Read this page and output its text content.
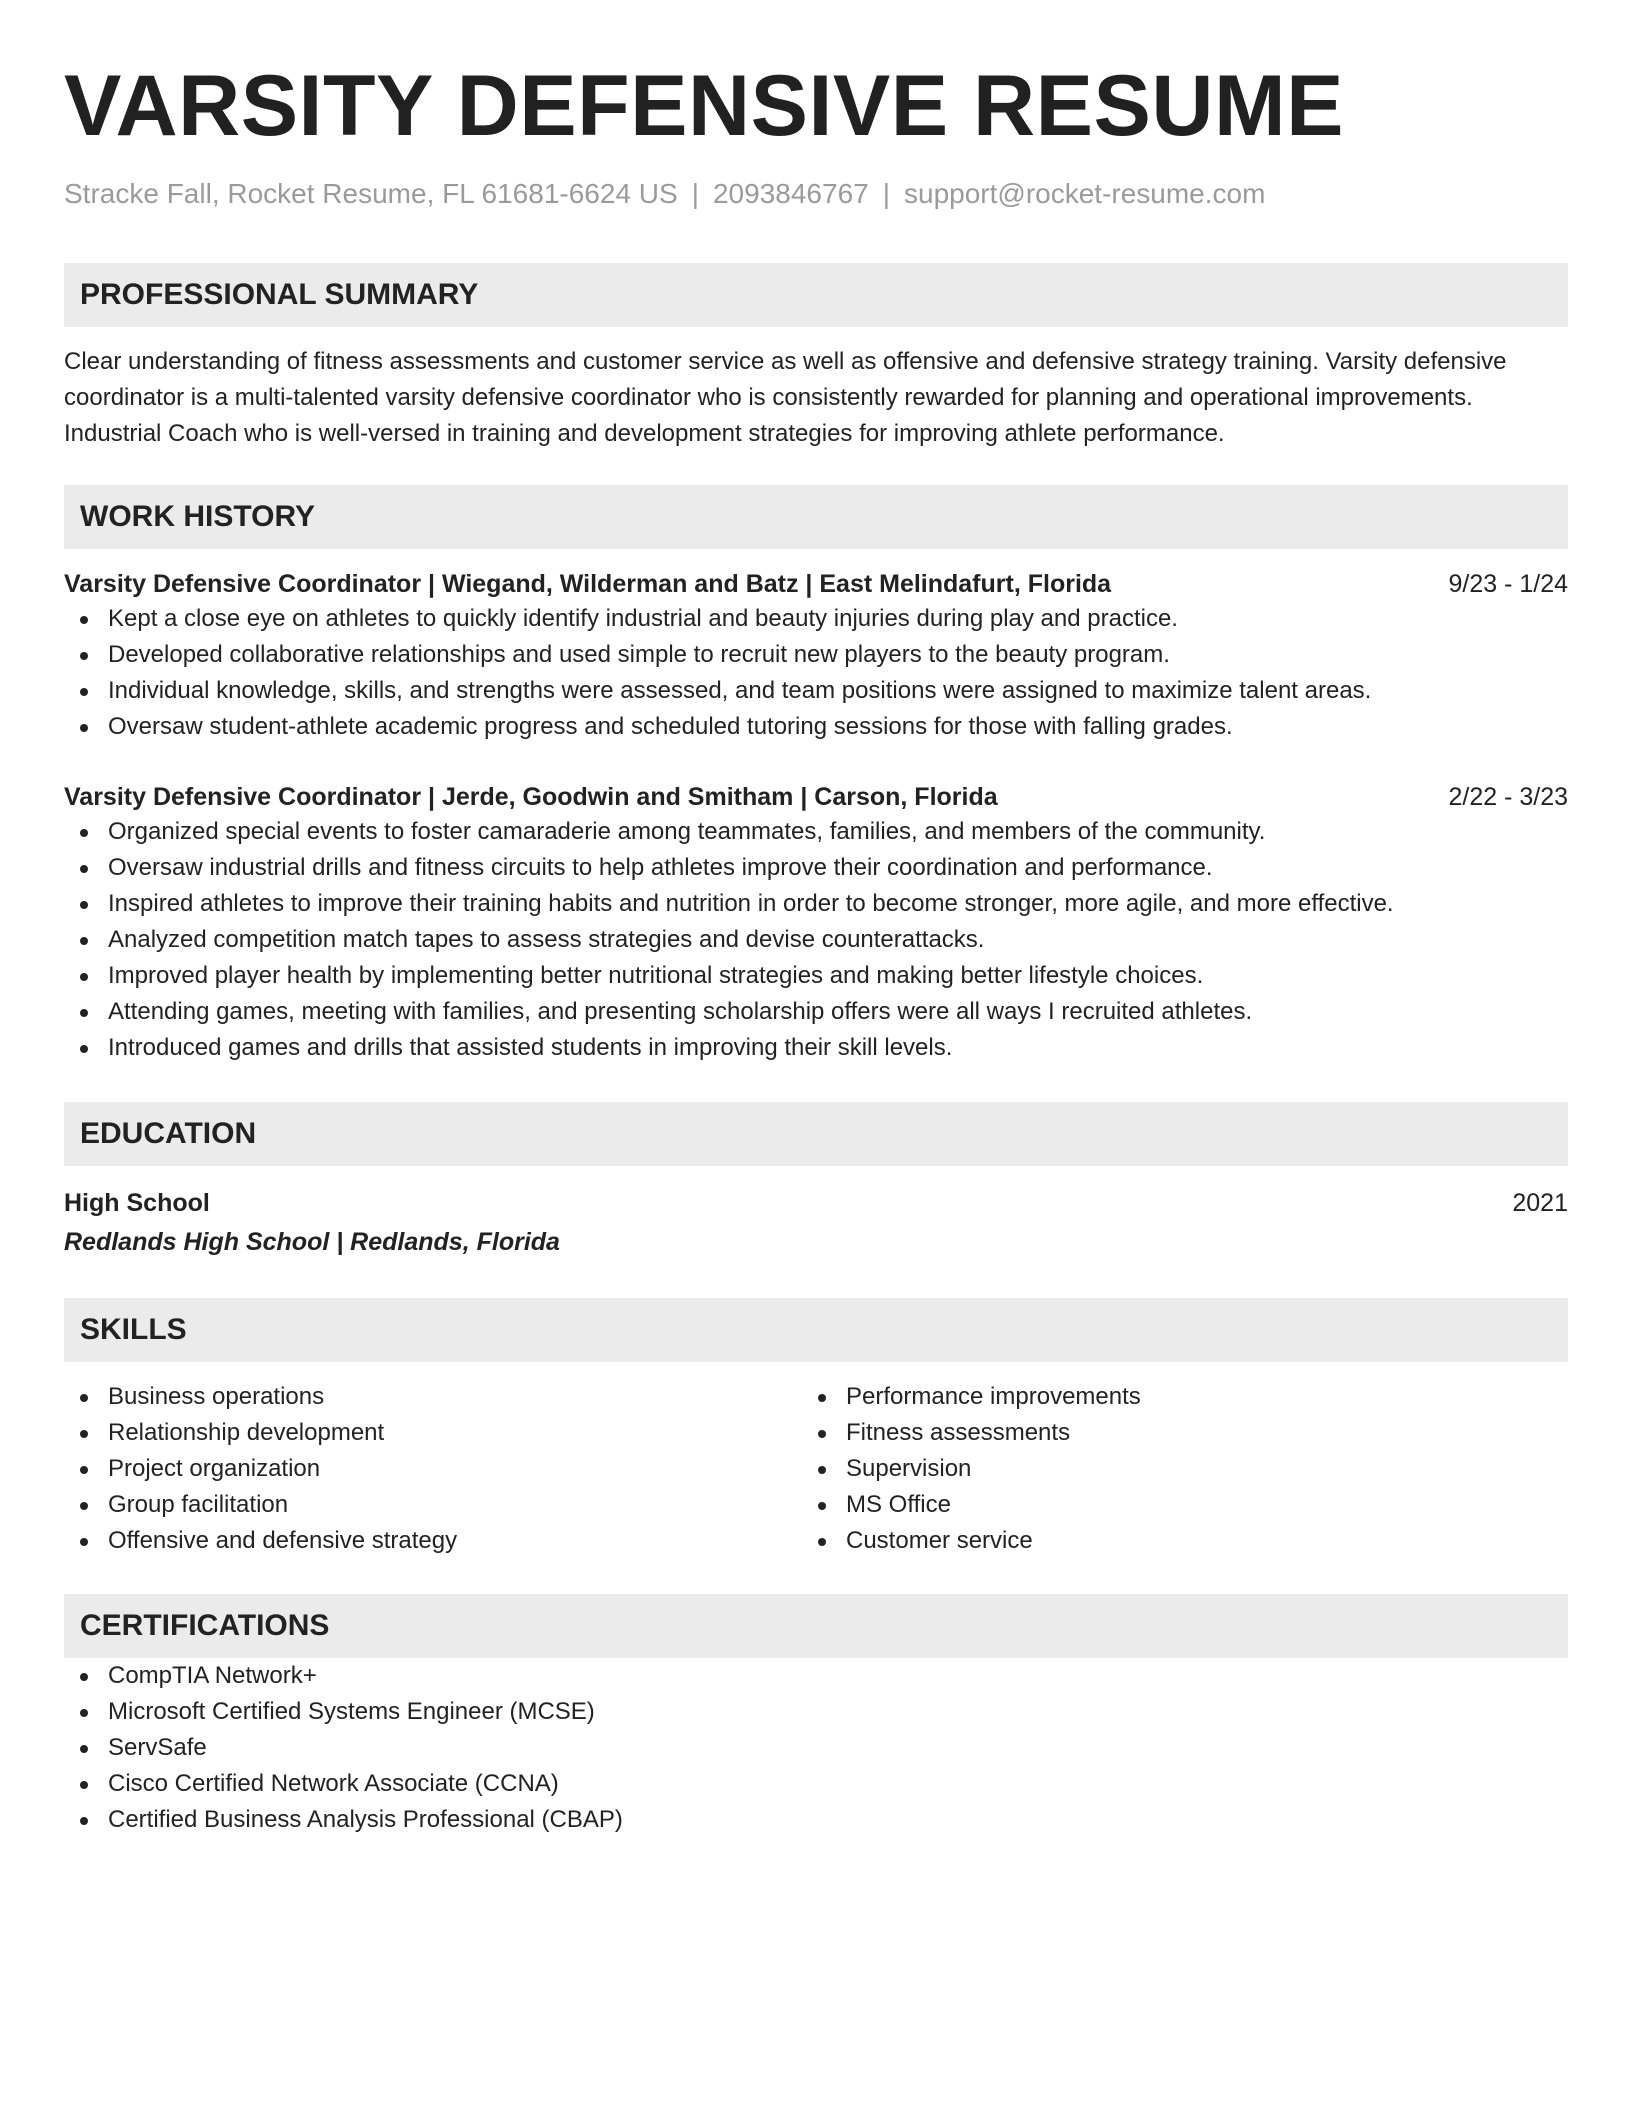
VARSITY DEFENSIVE RESUME
Stracke Fall, Rocket Resume, FL 61681-6624 US | 2093846767 | support@rocket-resume.com
PROFESSIONAL SUMMARY
Clear understanding of fitness assessments and customer service as well as offensive and defensive strategy training. Varsity defensive coordinator is a multi-talented varsity defensive coordinator who is consistently rewarded for planning and operational improvements. Industrial Coach who is well-versed in training and development strategies for improving athlete performance.
WORK HISTORY
Varsity Defensive Coordinator | Wiegand, Wilderman and Batz | East Melindafurt, Florida	9/23 - 1/24
Kept a close eye on athletes to quickly identify industrial and beauty injuries during play and practice.
Developed collaborative relationships and used simple to recruit new players to the beauty program.
Individual knowledge, skills, and strengths were assessed, and team positions were assigned to maximize talent areas.
Oversaw student-athlete academic progress and scheduled tutoring sessions for those with falling grades.
Varsity Defensive Coordinator | Jerde, Goodwin and Smitham | Carson, Florida	2/22 - 3/23
Organized special events to foster camaraderie among teammates, families, and members of the community.
Oversaw industrial drills and fitness circuits to help athletes improve their coordination and performance.
Inspired athletes to improve their training habits and nutrition in order to become stronger, more agile, and more effective.
Analyzed competition match tapes to assess strategies and devise counterattacks.
Improved player health by implementing better nutritional strategies and making better lifestyle choices.
Attending games, meeting with families, and presenting scholarship offers were all ways I recruited athletes.
Introduced games and drills that assisted students in improving their skill levels.
EDUCATION
High School	2021
Redlands High School | Redlands, Florida
SKILLS
Business operations
Relationship development
Project organization
Group facilitation
Offensive and defensive strategy
Performance improvements
Fitness assessments
Supervision
MS Office
Customer service
CERTIFICATIONS
CompTIA Network+
Microsoft Certified Systems Engineer (MCSE)
ServSafe
Cisco Certified Network Associate (CCNA)
Certified Business Analysis Professional (CBAP)
